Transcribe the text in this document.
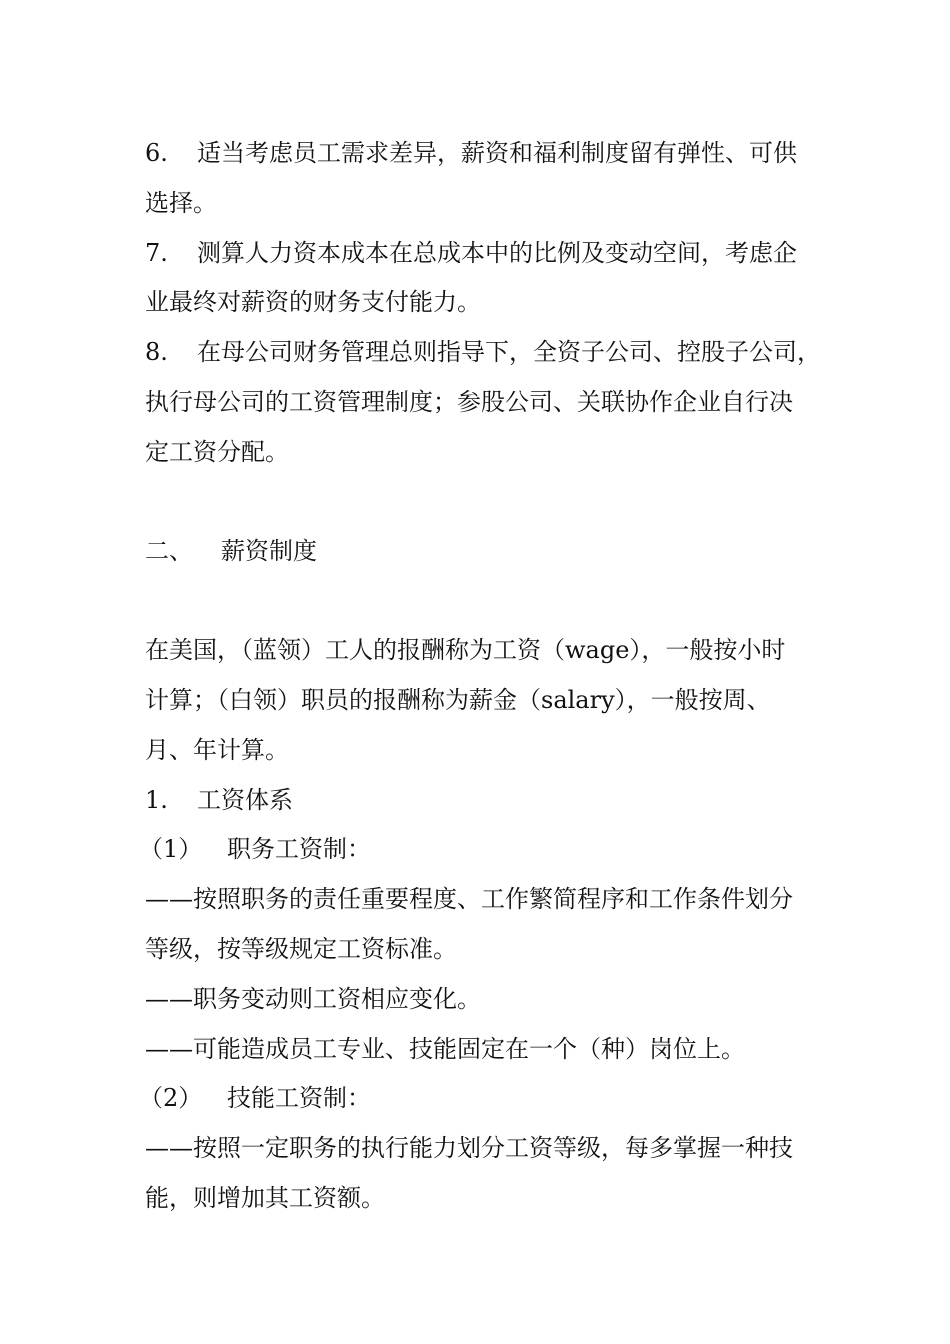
6. 适当考虑员工需求差异，薪资和福利制度留有弹性、可供
选择。
7. 测算人力资本成本在总成本中的比例及变动空间，考虑企
业最终对薪资的财务支付能力。
8. 在母公司财务管理总则指导下，全资子公司、控股子公司，
执行母公司的工资管理制度；参股公司、关联协作企业自行决
定工资分配。
二、 薪资制度
在美国，（蓝领）工人的报酬称为工资（wage），一般按小时
计算；（白领）职员的报酬称为薪金（salary），一般按周、
月、年计算。
1. 工资体系
（1） 职务工资制：
——按照职务的责任重要程度、工作繁简程序和工作条件划分
等级，按等级规定工资标准。
——职务变动则工资相应变化。
——可能造成员工专业、技能固定在一个（种）岗位上。
（2） 技能工资制：
——按照一定职务的执行能力划分工资等级，每多掌握一种技
能，则增加其工资额。
